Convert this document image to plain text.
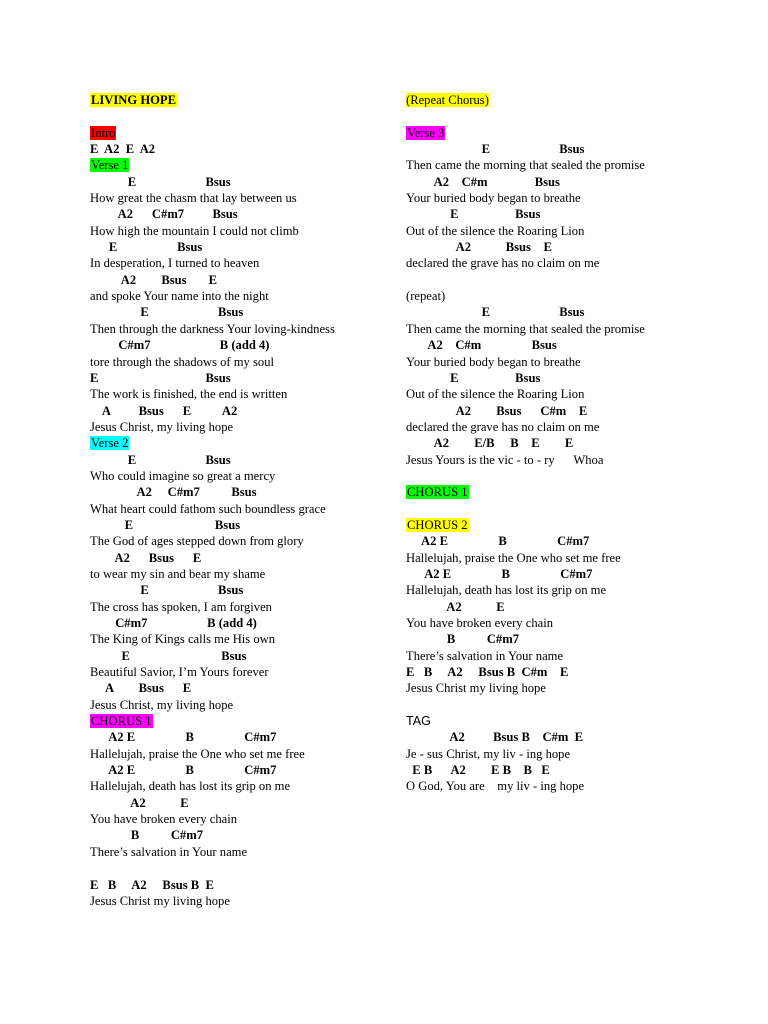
LIVING HOPE
Intro
E  A2  E  A2
Verse 1
E                      Bsus
How great the chasm that lay between us
A2      C#m7         Bsus
How high the mountain I could not climb
E                   Bsus
In desperation, I turned to heaven
A2        Bsus       E
and spoke Your name into the night
E                      Bsus
Then through the darkness Your loving-kindness
C#m7                      B (add 4)
tore through the shadows of my soul
E                                  Bsus
The work is finished, the end is written
A         Bsus      E          A2
Jesus Christ, my living hope
Verse 2
E                      Bsus
Who could imagine so great a mercy
A2     C#m7          Bsus
What heart could fathom such boundless grace
E                          Bsus
The God of ages stepped down from glory
A2      Bsus      E
to wear my sin and bear my shame
E                      Bsus
The cross has spoken, I am forgiven
C#m7                   B (add 4)
The King of Kings calls me His own
E                             Bsus
Beautiful Savior, I’m Yours forever
A        Bsus      E
Jesus Christ, my living hope
CHORUS 1
A2 E                B                C#m7
Hallelujah, praise the One who set me free
A2 E                B                C#m7
Hallelujah, death has lost its grip on me
A2           E
You have broken every chain
B          C#m7
There’s salvation in Your name
E   B     A2     Bsus B  E
Jesus Christ my living hope
(Repeat Chorus)
Verse 3
E                      Bsus
Then came the morning that sealed the promise
A2    C#m               Bsus
Your buried body began to breathe
E                  Bsus
Out of the silence the Roaring Lion
A2           Bsus    E
declared the grave has no claim on me
(repeat)
E                      Bsus
Then came the morning that sealed the promise
A2    C#m                Bsus
Your buried body began to breathe
E                  Bsus
Out of the silence the Roaring Lion
A2        Bsus      C#m    E
declared the grave has no claim on me
A2        E/B     B    E        E
Jesus Yours is the vic - to - ry      Whoa
CHORUS 1
CHORUS 2
A2 E                B                C#m7
Hallelujah, praise the One who set me free
A2 E                B                C#m7
Hallelujah, death has lost its grip on me
A2           E
You have broken every chain
B          C#m7
There’s salvation in Your name
E   B     A2     Bsus B  C#m    E
Jesus Christ my living hope
TAG
A2         Bsus B    C#m  E
Je - sus Christ, my liv - ing hope
E B      A2        E B    B   E
O God, You are    my liv - ing hope
